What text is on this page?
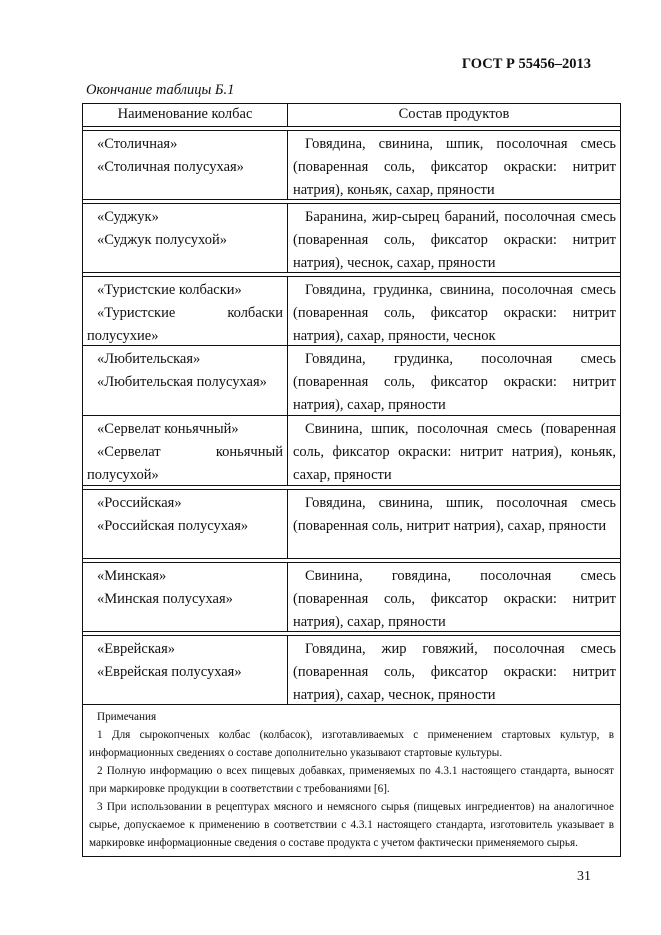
ГОСТ Р 55456–2013
Окончание таблицы Б.1
Наименование колбас	Состав продуктов
«Столичная»
«Столичная полусухая»
Говядина, свинина, шпик, посолочная смесь (поваренная соль, фиксатор окраски: нитрит натрия), коньяк, сахар, пряности
«Суджук»
«Суджук полусухой»
Баранина, жир-сырец бараний, посолочная смесь (поваренная соль, фиксатор окраски: нитрит натрия), чеснок, сахар, пряности
«Туристские колбаски»
«Туристские колбаски полусухие»
Говядина, грудинка, свинина, посолочная смесь (поваренная соль, фиксатор окраски: нитрит натрия), сахар, пряности, чеснок
«Любительская»
«Любительская полусухая»
Говядина, грудинка, посолочная смесь (поваренная соль, фиксатор окраски: нитрит натрия), сахар, пряности
«Сервелат коньячный»
«Сервелат коньячный полусухой»
Свинина, шпик, посолочная смесь (поваренная соль, фиксатор окраски: нитрит натрия), коньяк, сахар, пряности
«Российская»
«Российская полусухая»
Говядина, свинина, шпик, посолочная смесь (поваренная соль, нитрит натрия), сахар, пряности
«Минская»
«Минская полусухая»
Свинина, говядина, посолочная смесь (поваренная соль, фиксатор окраски: нитрит натрия), сахар, пряности
«Еврейская»
«Еврейская полусухая»
Говядина, жир говяжий, посолочная смесь (поваренная соль, фиксатор окраски: нитрит натрия), сахар, чеснок, пряности
Примечания

1 Для сырокопченых колбас (колбасок), изготавливаемых с применением стартовых культур, в информационных сведениях о составе дополнительно указывают стартовые культуры.

2 Полную информацию о всех пищевых добавках, применяемых по 4.3.1 настоящего стандарта, выносят при маркировке продукции в соответствии с требованиями [6].

3 При использовании в рецептурах мясного и немясного сырья (пищевых ингредиентов) на аналогичное сырье, допускаемое к применению в соответствии с 4.3.1 настоящего стандарта, изготовитель указывает в маркировке информационные сведения о составе продукта с учетом фактически применяемого сырья.

31
